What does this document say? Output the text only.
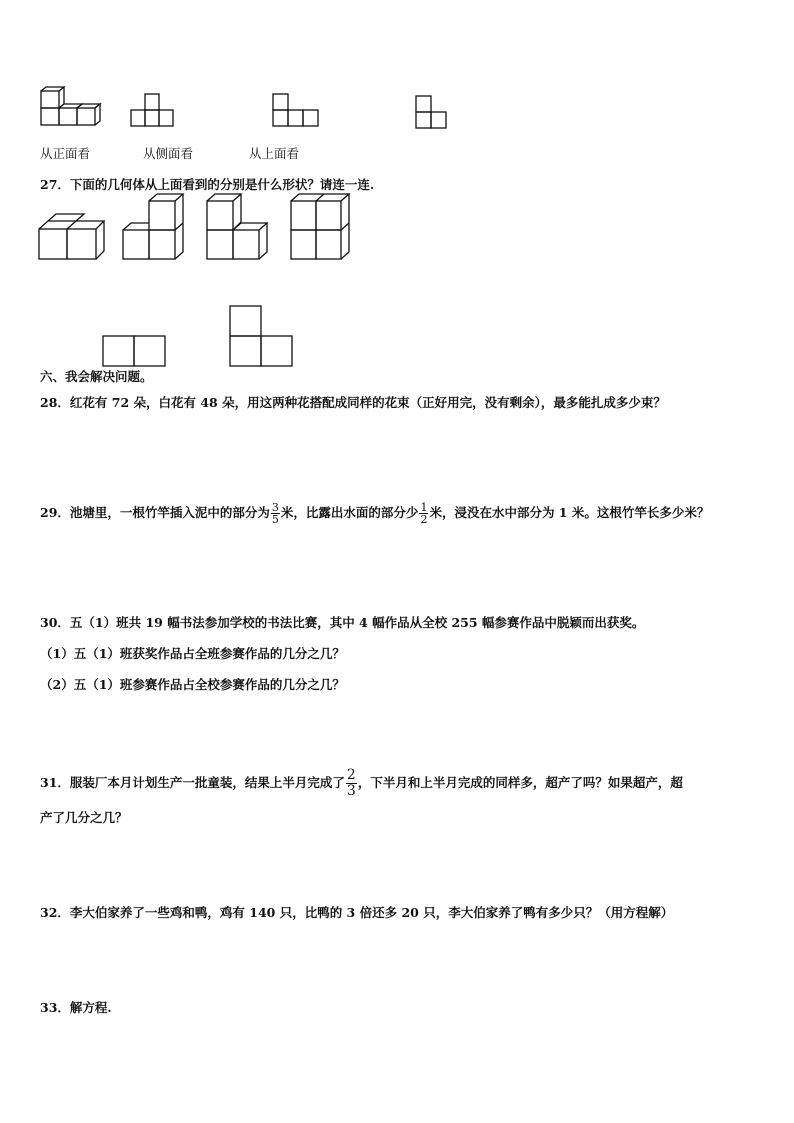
从正面看	从侧面看	从上面看
27．下面的几何体从上面看到的分别是什么形状？请连一连.
六、我会解决问题。
28．红花有 72 朵，白花有 48 朵，用这两种花搭配成同样的花束（正好用完，没有剩余），最多能扎成多少束？
29．池塘里，一根竹竿插入泥中的部分为 $\frac{3}{5}$ 米，比露出水面的部分少 $\frac{1}{2}$ 米，浸没在水中部分为 1 米。这根竹竿长多少米？
30．五（1）班共 19 幅书法参加学校的书法比赛，其中 4 幅作品从全校 255 幅参赛作品中脱颖而出获奖。
（1）五（1）班获奖作品占全班参赛作品的几分之几？
（2）五（1）班参赛作品占全校参赛作品的几分之几？
31．服装厂本月计划生产一批童装，结果上半月完成了 $\frac{2}{3}$ ，下半月和上半月完成的同样多，超产了吗？如果超产，超
产了几分之几？
32．李大伯家养了一些鸡和鸭，鸡有 140 只，比鸭的 3 倍还多 20 只，李大伯家养了鸭有多少只？（用方程解）
33．解方程.
